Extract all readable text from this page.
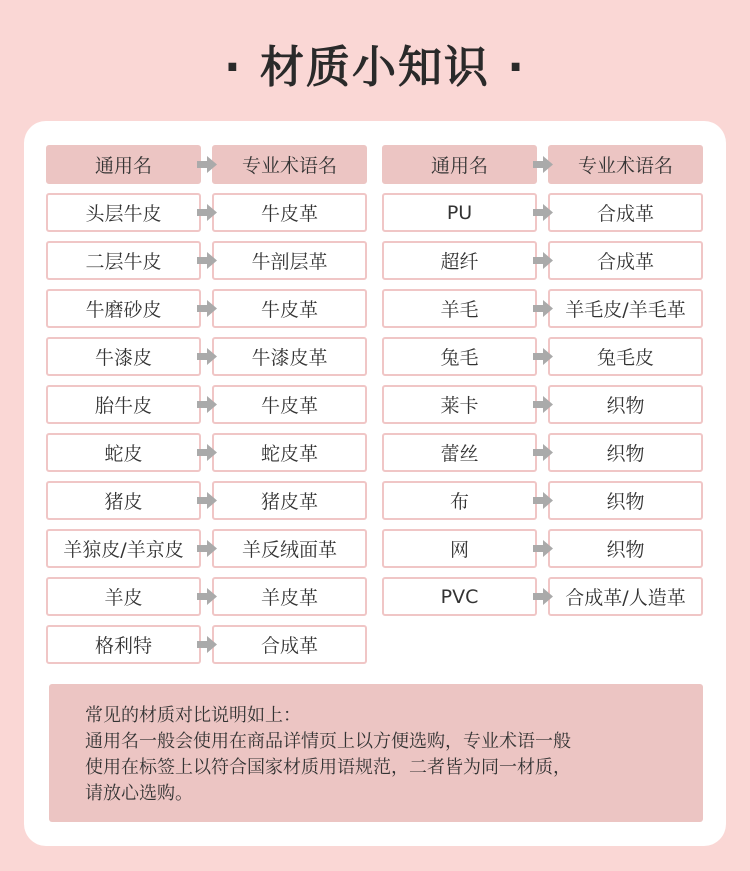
· 材质小知识 ·
通用名	专业术语名
头层牛皮	牛皮革
二层牛皮	牛剖层革
牛磨砂皮	牛皮革
牛漆皮	牛漆皮革
胎牛皮	牛皮革
蛇皮	蛇皮革
猪皮	猪皮革
羊猄皮/羊京皮	羊反绒面革
羊皮	羊皮革
格利特	合成革
通用名	专业术语名
PU	合成革
超纤	合成革
羊毛	羊毛皮/羊毛革
兔毛	兔毛皮
莱卡	织物
蕾丝	织物
布	织物
网	织物
PVC	合成革/人造革

常见的材质对比说明如上：

通用名一般会使用在商品详情页上以方便选购，专业术语一般

使用在标签上以符合国家材质用语规范，二者皆为同一材质，

请放心选购。
